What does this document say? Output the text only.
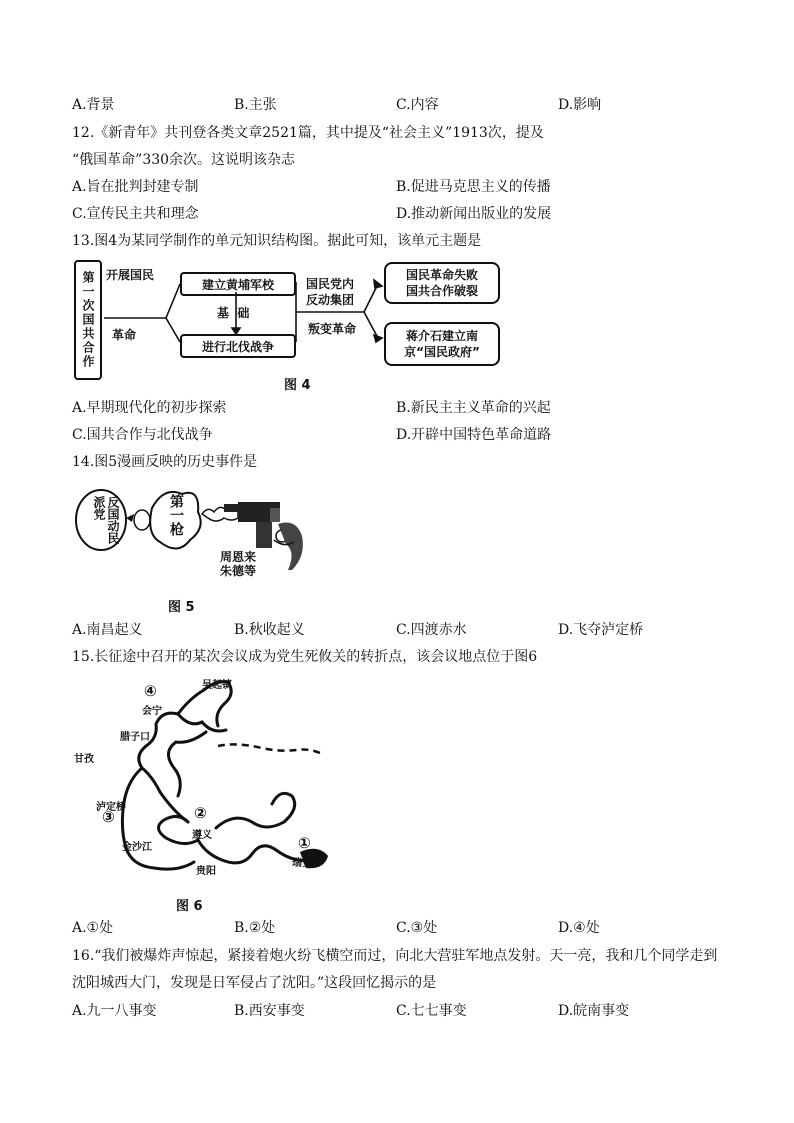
A.背景	B.主张	C.内容	D.影响
12.《新青年》共刊登各类文章2521篇，其中提及“社会主义”1913次，提及
“俄国革命”330余次。这说明该杂志
A.旨在批判封建专制	B.促进马克思主义的传播
C.宣传民主共和理念	D.推动新闻出版业的发展
13.图4为某同学制作的单元知识结构图。据此可知，该单元主题是
第一次国共合作 开展国民
革命
建立黄埔军校
基  础
进行北伐战争
国民党内
反动集团
叛变革命
国民革命失败
国共合作破裂
蒋介石建立南
京“国民政府”
图 4
A.早期现代化的初步探索	B.新民主主义革命的兴起
C.国共合作与北伐战争	D.开辟中国特色革命道路
14.图5漫画反映的历史事件是
反国动民派党	第一枪
周恩来朱德等
图 5
A.南昌起义	B.秋收起义	C.四渡赤水	D.飞夺泸定桥
15.长征途中召开的某次会议成为党生死攸关的转折点，该会议地点位于图6
吴起镇
④
会宁
腊子口
甘孜
泸定桥
③	②
金沙江
遵义
贵阳
①
瑞金
图 6
A.①处	B.②处	C.③处	D.④处
16.“我们被爆炸声惊起，紧接着炮火纷飞横空而过，向北大营驻军地点发射。天一亮，我和几个同学走到
沈阳城西大门，发现是日军侵占了沈阳。”这段回忆揭示的是
A.九一八事变	B.西安事变	C.七七事变	D.皖南事变
